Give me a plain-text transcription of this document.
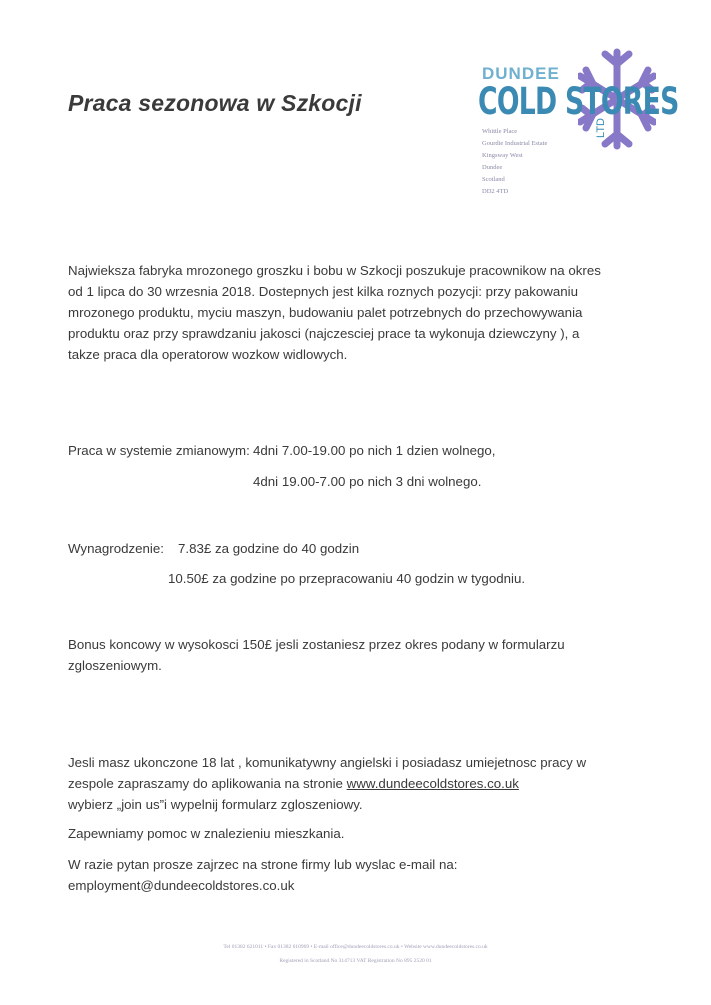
Praca sezonowa w Szkocji
DUNDEE
COLD STORES
LTD
Whittle Place
Gourdie Industrial Estate
Kingsway West
Dundee
Scotland
DD2 4TD
Najwieksza fabryka mrozonego groszku i bobu w Szkocji poszukuje pracownikow na okres od 1 lipca do 30 wrzesnia 2018. Dostepnych jest kilka roznych pozycji: przy pakowaniu mrozonego produktu, myciu maszyn, budowaniu palet potrzebnych do przechowywania produktu oraz przy sprawdzaniu jakosci (najczesciej prace ta wykonuja dziewczyny ), a takze praca dla operatorow wozkow widlowych.
Praca w systemie zmianowym: 4dni 7.00-19.00 po nich 1 dzien wolnego,
4dni 19.00-7.00 po nich 3 dni wolnego.
Wynagrodzenie: 7.83£ za godzine do 40 godzin
10.50£ za godzine po przepracowaniu 40 godzin w tygodniu.
Bonus koncowy w wysokosci 150£ jesli zostaniesz przez okres podany w formularzu zgloszeniowym.
Jesli masz ukonczone 18 lat , komunikatywny angielski i posiadasz umiejetnosc pracy w zespole zapraszamy do aplikowania na stronie www.dundeecoldstores.co.uk
wybierz „join us”i wypelnij formularz zgloszeniowy.
Zapewniamy pomoc w znalezieniu mieszkania.
W razie pytan prosze zajrzec na strone firmy lub wyslac e-mail na:
employment@dundeecoldstores.co.uk
Tel 01382 621011 • Fax 01382 610969 • E-mail office@dundeecoldstores.co.uk • Website www.dundeecoldstores.co.uk
Registered in Scotland No 314713 VAT Registration No 895 2520 01
